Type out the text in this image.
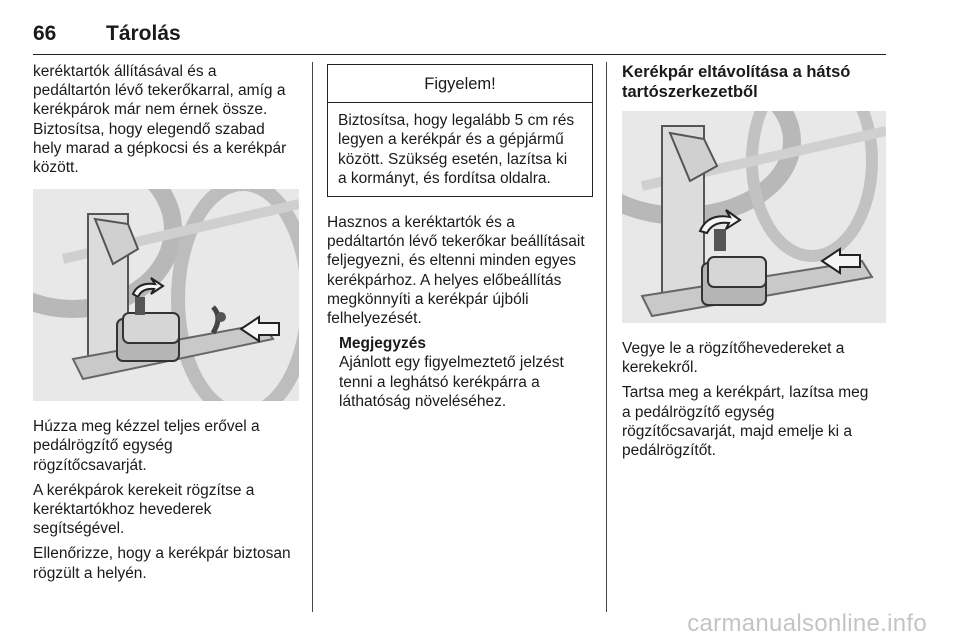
66 Tárolás

keréktartók állításával és a
pedáltartón lévő tekerőkarral, amíg a
kerékpárok már nem érnek össze.
Biztosítsa, hogy elegendő szabad
hely marad a gépkocsi és a kerékpár
között.

Húzza meg kézzel teljes erővel a
pedálrögzítő egység
rögzítőcsavarját.

A kerékpárok kerekeit rögzítse a
keréktartókhoz hevederek
segítségével.

Ellenőrizze, hogy a kerékpár biztosan
rögzült a helyén.

Figyelem!
Biztosítsa, hogy legalább 5 cm rés
legyen a kerékpár és a gépjármű
között. Szükség esetén, lazítsa ki
a kormányt, és fordítsa oldalra.

Hasznos a keréktartók és a
pedáltartón lévő tekerőkar beállításait
feljegyezni, és eltenni minden egyes
kerékpárhoz. A helyes előbeállítás
megkönnyíti a kerékpár újbóli
felhelyezését.

Megjegyzés
Ajánlott egy figyelmeztető jelzést
tenni a leghátsó kerékpárra a
láthatóság növeléséhez.
Kerékpár eltávolítása a hátsó
tartószerkezetből

Vegye le a rögzítőhevedereket a
kerekekről.

Tartsa meg a kerékpárt, lazítsa meg
a pedálrögzítő egység
rögzítőcsavarját, majd emelje ki a
pedálrögzítőt.

carmanualsonline.info
